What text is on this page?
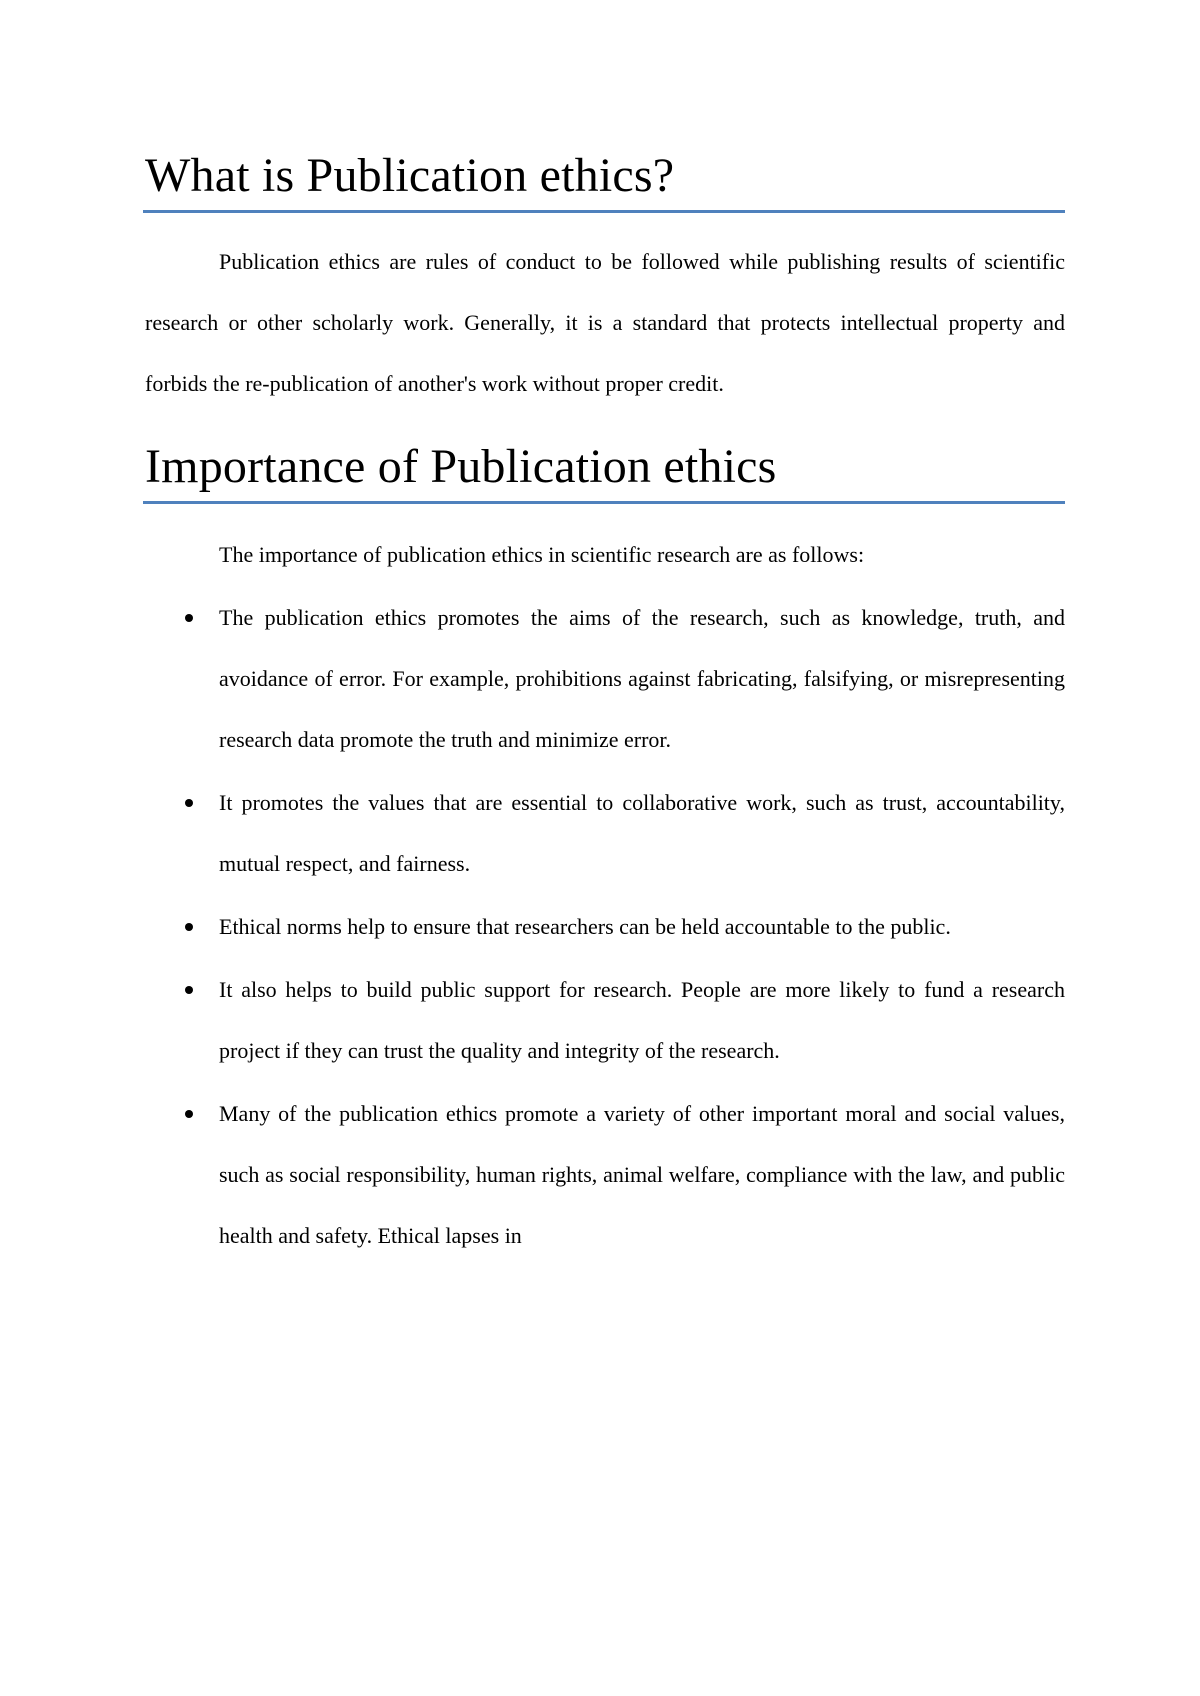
What is Publication ethics?

Publication ethics are rules of conduct to be followed while publishing results of scientific research or other scholarly work. Generally, it is a standard that protects intellectual property and forbids the re-publication of another's work without proper credit.

Importance of Publication ethics

The importance of publication ethics in scientific research are as follows:

The publication ethics promotes the aims of the research, such as knowledge, truth, and avoidance of error. For example, prohibitions against fabricating, falsifying, or misrepresenting research data promote the truth and minimize error.
It promotes the values that are essential to collaborative work, such as trust, accountability, mutual respect, and fairness.
Ethical norms help to ensure that researchers can be held accountable to the public.
It also helps to build public support for research. People are more likely to fund a research project if they can trust the quality and integrity of the research.
Many of the publication ethics promote a variety of other important moral and social values, such as social responsibility, human rights, animal welfare, compliance with the law, and public health and safety. Ethical lapses in
